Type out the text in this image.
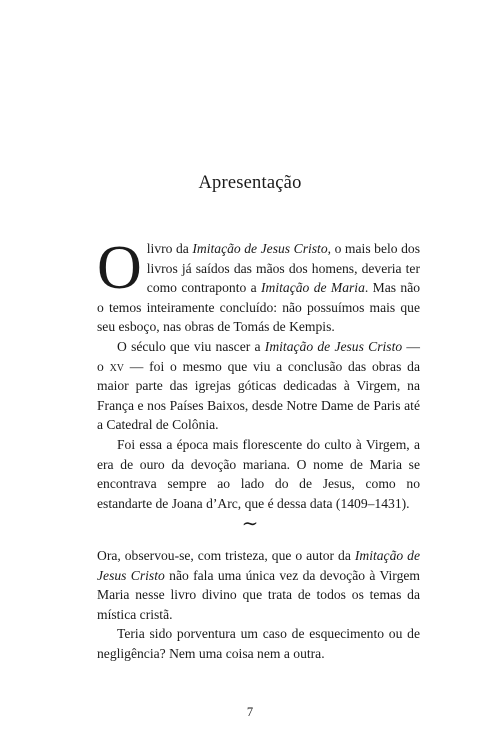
Apresentação

O livro da Imitação de Jesus Cristo, o mais belo dos livros já saídos das mãos dos homens, deveria ter como contraponto a Imitação de Maria. Mas não o temos inteiramente concluído: não possuímos mais que seu esboço, nas obras de Tomás de Kempis.

O século que viu nascer a Imitação de Jesus Cristo — o xv — foi o mesmo que viu a conclusão das obras da maior parte das igrejas góticas dedicadas à Virgem, na França e nos Países Baixos, desde Notre Dame de Paris até a Catedral de Colônia.

Foi essa a época mais florescente do culto à Virgem, a era de ouro da devoção mariana. O nome de Maria se encontrava sempre ao lado do de Jesus, como no estandarte de Joana d’Arc, que é dessa data (1409–1431).

∼

Ora, observou-se, com tristeza, que o autor da Imitação de Jesus Cristo não fala uma única vez da devoção à Virgem Maria nesse livro divino que trata de todos os temas da mística cristã.

Teria sido porventura um caso de esquecimento ou de negligência? Nem uma coisa nem a outra.

7
